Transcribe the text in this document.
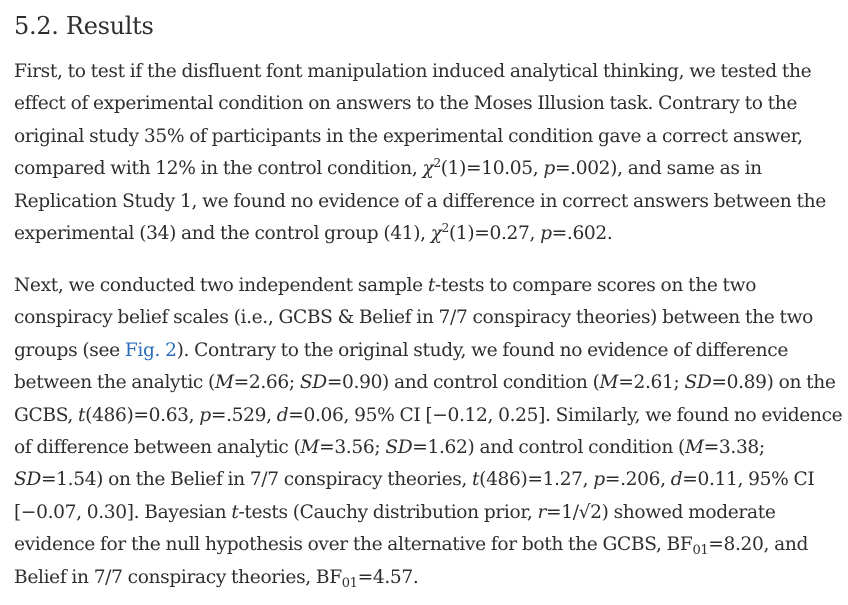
5.2. Results
First, to test if the disfluent font manipulation induced analytical thinking, we tested the
effect of experimental condition on answers to the Moses Illusion task. Contrary to the
original study 35% of participants in the experimental condition gave a correct answer,
compared with 12% in the control condition, $\chi^2(1)=10.05$, p=.002), and same as in
Replication Study 1, we found no evidence of a difference in correct answers between the
experimental (34) and the control group (41), $\chi^2(1)=0.27$, p=.602.
Next, we conducted two independent sample t-tests to compare scores on the two
conspiracy belief scales (i.e., GCBS & Belief in 7/7 conspiracy theories) between the two
groups (see Fig. 2). Contrary to the original study, we found no evidence of difference
between the analytic (M=2.66; SD=0.90) and control condition (M=2.61; SD=0.89) on the
GCBS, t(486)=0.63, p=.529, d=0.06, 95% CI [−0.12, 0.25]. Similarly, we found no evidence
of difference between analytic (M=3.56; SD=1.62) and control condition (M=3.38;
SD=1.54) on the Belief in 7/7 conspiracy theories, t(486)=1.27, p=.206, d=0.11, 95% CI
[−0.07, 0.30]. Bayesian t-tests (Cauchy distribution prior, r=1/√2) showed moderate
evidence for the null hypothesis over the alternative for both the GCBS, $BF_{01}=8.20$, and
Belief in 7/7 conspiracy theories, $BF_{01}=4.57$.
